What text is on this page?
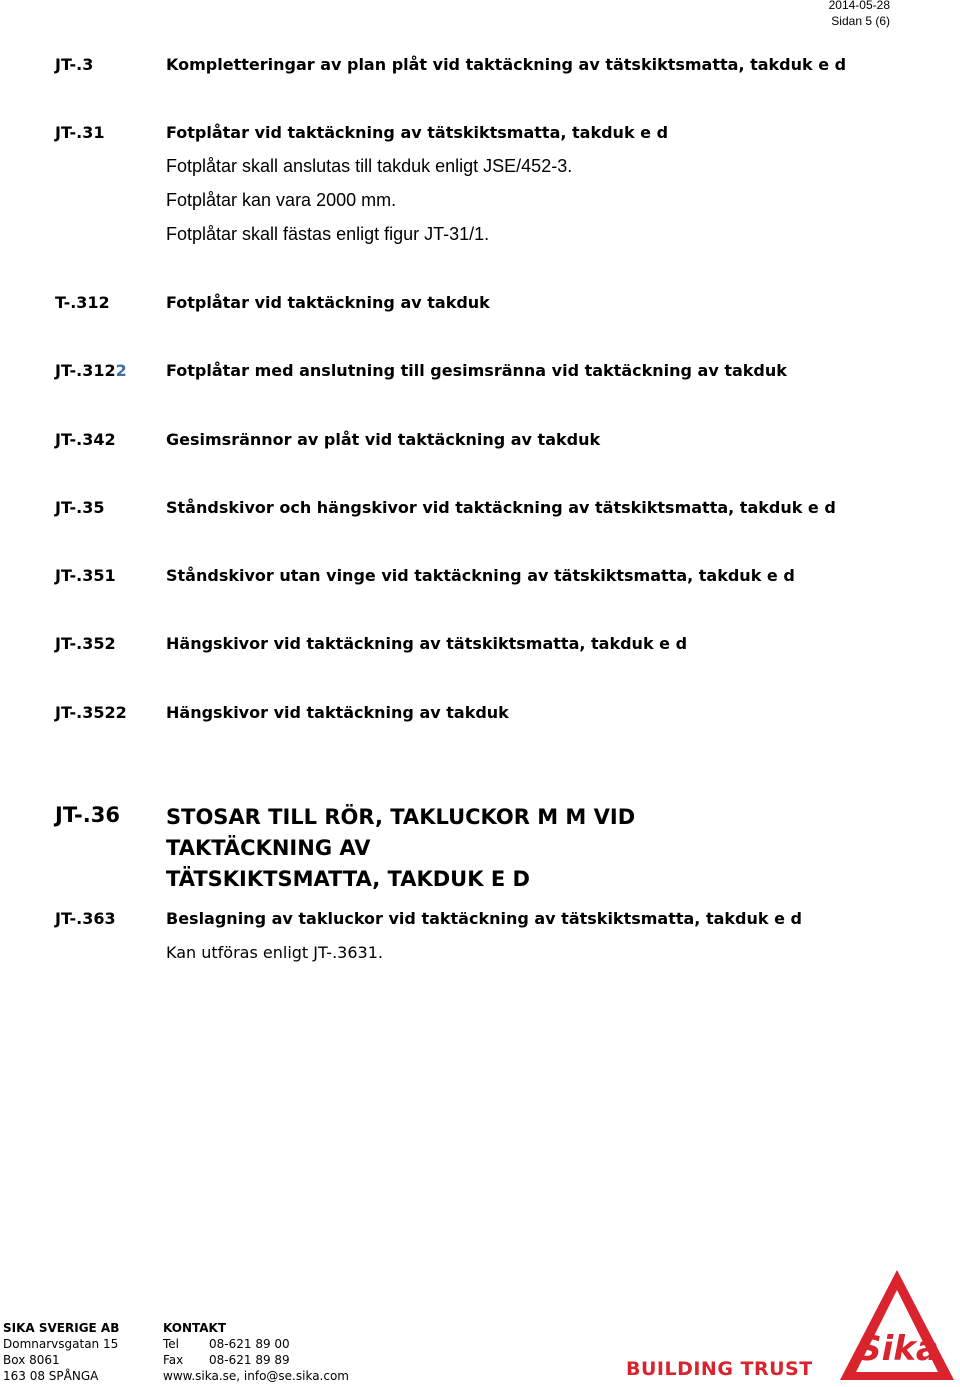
2014-05-28
Sidan 5 (6)
JT-.3	Kompletteringar av plan plåt vid taktäckning av tätskiktsmatta, takduk e d
JT-.31	Fotplåtar vid taktäckning av tätskiktsmatta, takduk e d
Fotplåtar skall anslutas till takduk enligt JSE/452-3.
Fotplåtar kan vara 2000 mm.
Fotplåtar skall fästas enligt figur JT-31/1.
T-.312	Fotplåtar vid taktäckning av takduk
JT-.3122 Fotplåtar med anslutning till gesimsränna vid taktäckning av takduk
JT-.342	Gesimsrännor av plåt vid taktäckning av takduk
JT-.35	Ståndskivor och hängskivor vid taktäckning av tätskiktsmatta, takduk e d
JT-.351	Ståndskivor utan vinge vid taktäckning av tätskiktsmatta, takduk e d
JT-.352	Hängskivor vid taktäckning av tätskiktsmatta, takduk e d
JT-.3522 Hängskivor vid taktäckning av takduk
JT-.36 STOSAR TILL RÖR, TAKLUCKOR M M VID TAKTÄCKNING AV
TÄTSKIKTSMATTA, TAKDUK E D
JT-.363	Beslagning av takluckor vid taktäckning av tätskiktsmatta, takduk e d
Kan utföras enligt JT-.3631.
SIKA SVERIGE AB
Domnarvsgatan 15
Box 8061
163 08 SPÅNGA
KONTAKT
Tel 08-621 89 00
Fax 08-621 89 89
www.sika.se, info@se.sika.com	BUILDING TRUST Sika
